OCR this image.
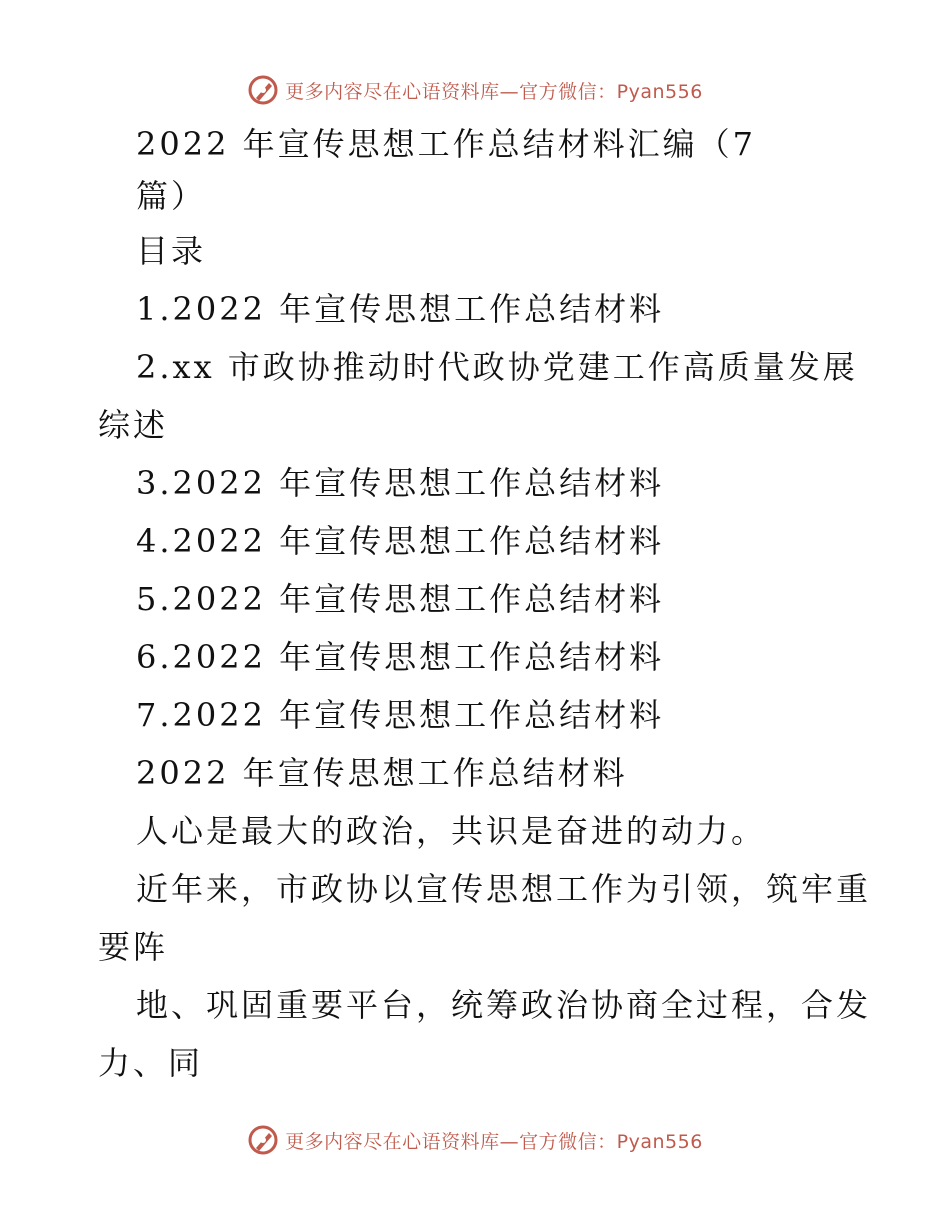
更多内容尽在心语资料库—官方微信：Pyan556
2022 年宣传思想工作总结材料汇编（7
篇）
目录
1.2022 年宣传思想工作总结材料
2.xx 市政协推动时代政协党建工作高质量发展
综述
3.2022 年宣传思想工作总结材料
4.2022 年宣传思想工作总结材料
5.2022 年宣传思想工作总结材料
6.2022 年宣传思想工作总结材料
7.2022 年宣传思想工作总结材料
2022 年宣传思想工作总结材料
人心是最大的政治，共识是奋进的动力。
近年来，市政协以宣传思想工作为引领，筑牢重
要阵
地、巩固重要平台，统筹政治协商全过程，合发
力、同
更多内容尽在心语资料库—官方微信：Pyan556
